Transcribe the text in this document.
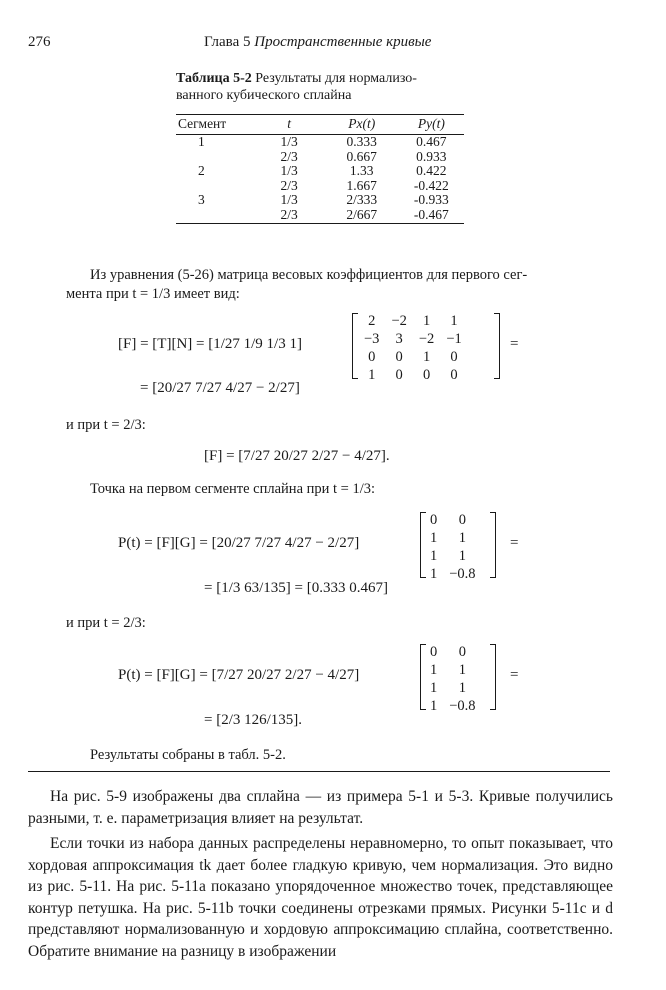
276	Глава 5 Пространственные кривые
Таблица 5-2 Результаты для нормализо-
ванного кубического сплайна
Сегмент	t	Px(t)	Py(t)
1	1/3	0.333	0.467
	2/3	0.667	0.933
2	1/3	1.33	0.422
	2/3	1.667	-0.422
3	1/3	2/333	-0.933
	2/3	2/667	-0.467
Из уравнения (5-26) матрица весовых коэффициентов для первого сег-
мента при t = 1/3 имеет вид:
[F] = [T][N] = [1/27 1/9 1/3 1]
2	−2	1	1
−3	3	−2	−1
0	0	1	0
1	0	0	0
=
= [20/27 7/27 4/27 − 2/27]
и при t = 2/3:
[F] = [7/27 20/27 2/27 − 4/27].
Точка на первом сегменте сплайна при t = 1/3:
P(t) = [F][G] = [20/27 7/27 4/27 − 2/27]
0	0
1	1
1	1
1	−0.8
=
= [1/3 63/135] = [0.333 0.467]
и при t = 2/3:
P(t) = [F][G] = [7/27 20/27 2/27 − 4/27]
0	0
1	1
1	1
1	−0.8
=
= [2/3 126/135].
Результаты собраны в табл. 5-2.

На рис. 5-9 изображены два сплайна — из примера 5-1 и 5-3. Кривые получились разными, т. е. параметризация влияет на результат.

Если точки из набора данных распределены неравномерно, то опыт показывает, что хордовая аппроксимация tk дает более гладкую кривую, чем нормализация. Это видно из рис. 5-11. На рис. 5-11a показано упорядоченное множество точек, представляющее контур петушка. На рис. 5-11b точки соединены отрезками прямых. Рисунки 5-11c и d представляют нормализованную и хордовую аппроксимацию сплайна, соответственно. Обратите внимание на разницу в изображении
